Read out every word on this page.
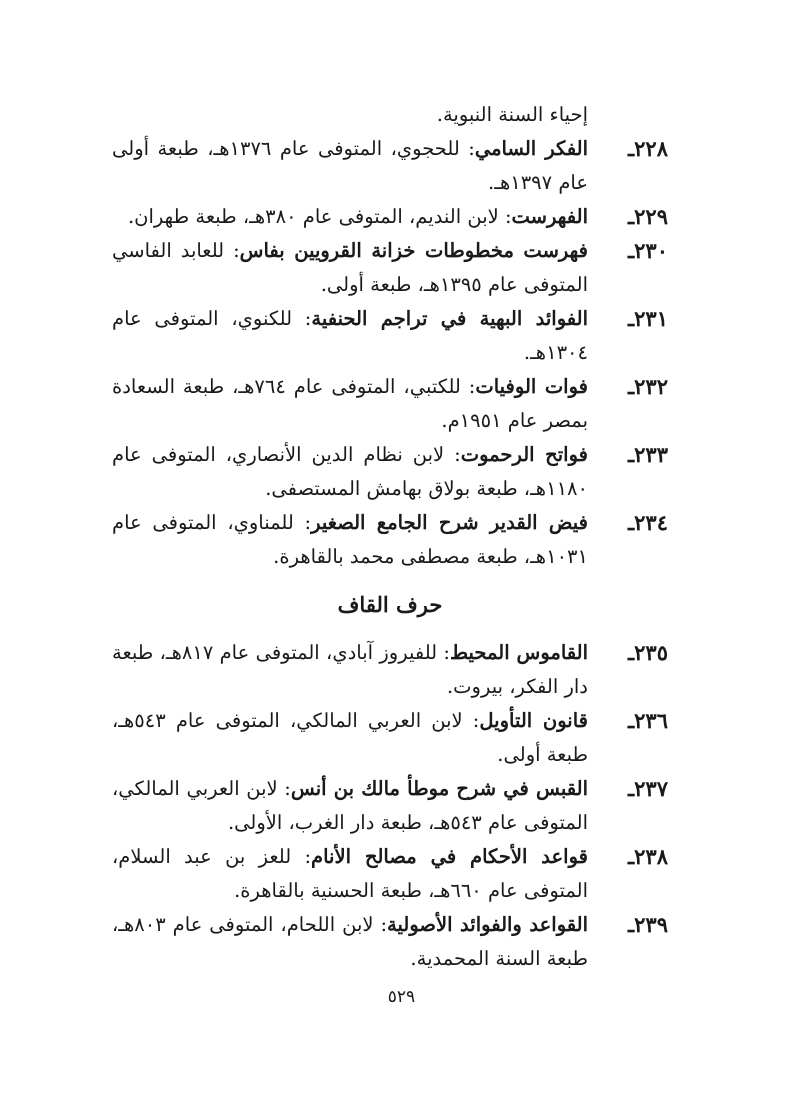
إحياء السنة النبوية.
٢٢٨ـ
الفكر السامي: للحجوي، المتوفى عام ١٣٧٦هـ، طبعة أولى عام ١٣٩٧هـ.
٢٢٩ـ
الفهرست: لابن النديم، المتوفى عام ٣٨٠هـ، طبعة طهران.
٢٣٠ـ
فهرست مخطوطات خزانة القرويين بفاس: للعابد الفاسي المتوفى عام ١٣٩٥هـ، طبعة أولى.
٢٣١ـ
الفوائد البهية في تراجم الحنفية: للكنوي، المتوفى عام ١٣٠٤هـ.
٢٣٢ـ
فوات الوفيات: للكتبي، المتوفى عام ٧٦٤هـ، طبعة السعادة بمصر عام ١٩٥١م.
٢٣٣ـ
فواتح الرحموت: لابن نظام الدين الأنصاري، المتوفى عام ١١٨٠هـ، طبعة بولاق بهامش المستصفى.
٢٣٤ـ
فيض القدير شرح الجامع الصغير: للمناوي، المتوفى عام ١٠٣١هـ، طبعة مصطفى محمد بالقاهرة.
حرف القاف
٢٣٥ـ
القاموس المحيط: للفيروز آبادي، المتوفى عام ٨١٧هـ، طبعة دار الفكر، بيروت.
٢٣٦ـ
قانون التأويل: لابن العربي المالكي، المتوفى عام ٥٤٣هـ، طبعة أولى.
٢٣٧ـ
القبس في شرح موطأ مالك بن أنس: لابن العربي المالكي، المتوفى عام ٥٤٣هـ، طبعة دار الغرب، الأولى.
٢٣٨ـ
قواعد الأحكام في مصالح الأنام: للعز بن عبد السلام، المتوفى عام ٦٦٠هـ، طبعة الحسنية بالقاهرة.
٢٣٩ـ
القواعد والفوائد الأصولية: لابن اللحام، المتوفى عام ٨٠٣هـ، طبعة السنة المحمدية.
٥٢٩
